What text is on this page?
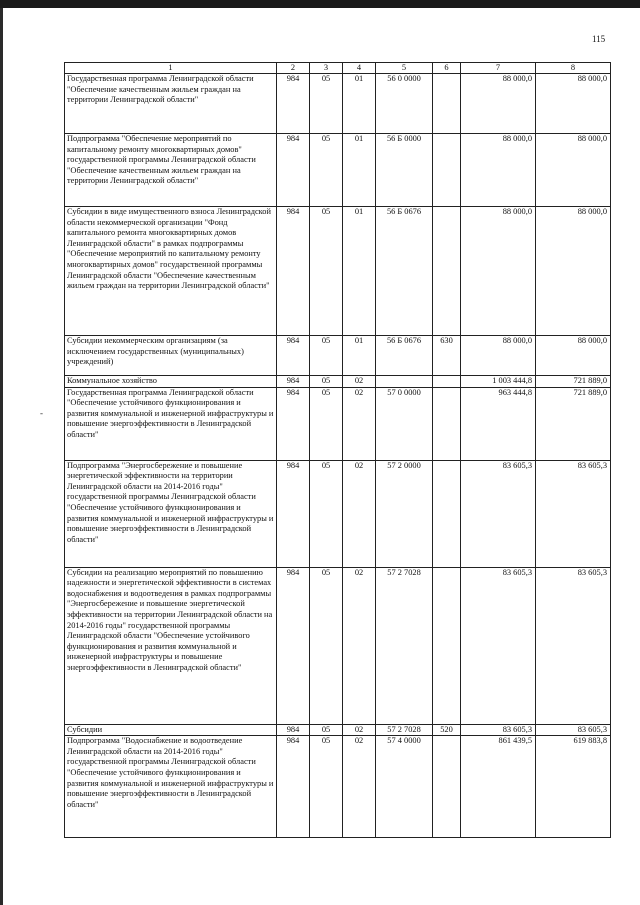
115
-
1	2	3	4	5	6	7	8
Государственная программа Ленинградской области "Обеспечение качественным жильем граждан на территории Ленинградской области"	984	05	01	56 0 0000		88 000,0	88 000,0
Подпрограмма "Обеспечение мероприятий по капитальному ремонту многоквартирных домов" государственной программы Ленинградской области "Обеспечение качественным жильем граждан на территории Ленинградской области"	984	05	01	56 Б 0000		88 000,0	88 000,0
Субсидии в виде имущественного взноса Ленинградской области некоммерческой организации "Фонд капитального ремонта многоквартирных домов Ленинградской области" в рамках подпрограммы "Обеспечение мероприятий по капитальному ремонту многоквартирных домов" государственной программы Ленинградской области "Обеспечение качественным жильем граждан на территории Ленинградской области"	984	05	01	56 Б 0676		88 000,0	88 000,0
Субсидии некоммерческим организациям (за исключением государственных (муниципальных) учреждений)	984	05	01	56 Б 0676	630	88 000,0	88 000,0
Коммунальное хозяйство	984	05	02			1 003 444,8	721 889,0
Государственная программа Ленинградской области "Обеспечение устойчивого функционирования и развития коммунальной и инженерной инфраструктуры и повышение энергоэффективности в Ленинградской области"	984	05	02	57 0 0000		963 444,8	721 889,0
Подпрограмма "Энергосбережение и повышение энергетической эффективности на территории Ленинградской области на 2014-2016 годы" государственной программы Ленинградской области "Обеспечение устойчивого функционирования и развития коммунальной и инженерной инфраструктуры и повышение энергоэффективности в Ленинградской области"	984	05	02	57 2 0000		83 605,3	83 605,3
Субсидии на реализацию мероприятий по повышению надежности и энергетической эффективности в системах водоснабжения и водоотведения в рамках подпрограммы "Энергосбережение и повышение энергетической эффективности на территории Ленинградской области на 2014-2016 годы" государственной программы Ленинградской области "Обеспечение устойчивого функционирования и развития коммунальной и инженерной инфраструктуры и повышение энергоэффективности в Ленинградской области"	984	05	02	57 2 7028		83 605,3	83 605,3
Субсидии	984	05	02	57 2 7028	520	83 605,3	83 605,3
Подпрограмма "Водоснабжение и водоотведение Ленинградской области на 2014-2016 годы" государственной программы Ленинградской области "Обеспечение устойчивого функционирования и развития коммунальной и инженерной инфраструктуры и повышение энергоэффективности в Ленинградской области"	984	05	02	57 4 0000		861 439,5	619 883,8
